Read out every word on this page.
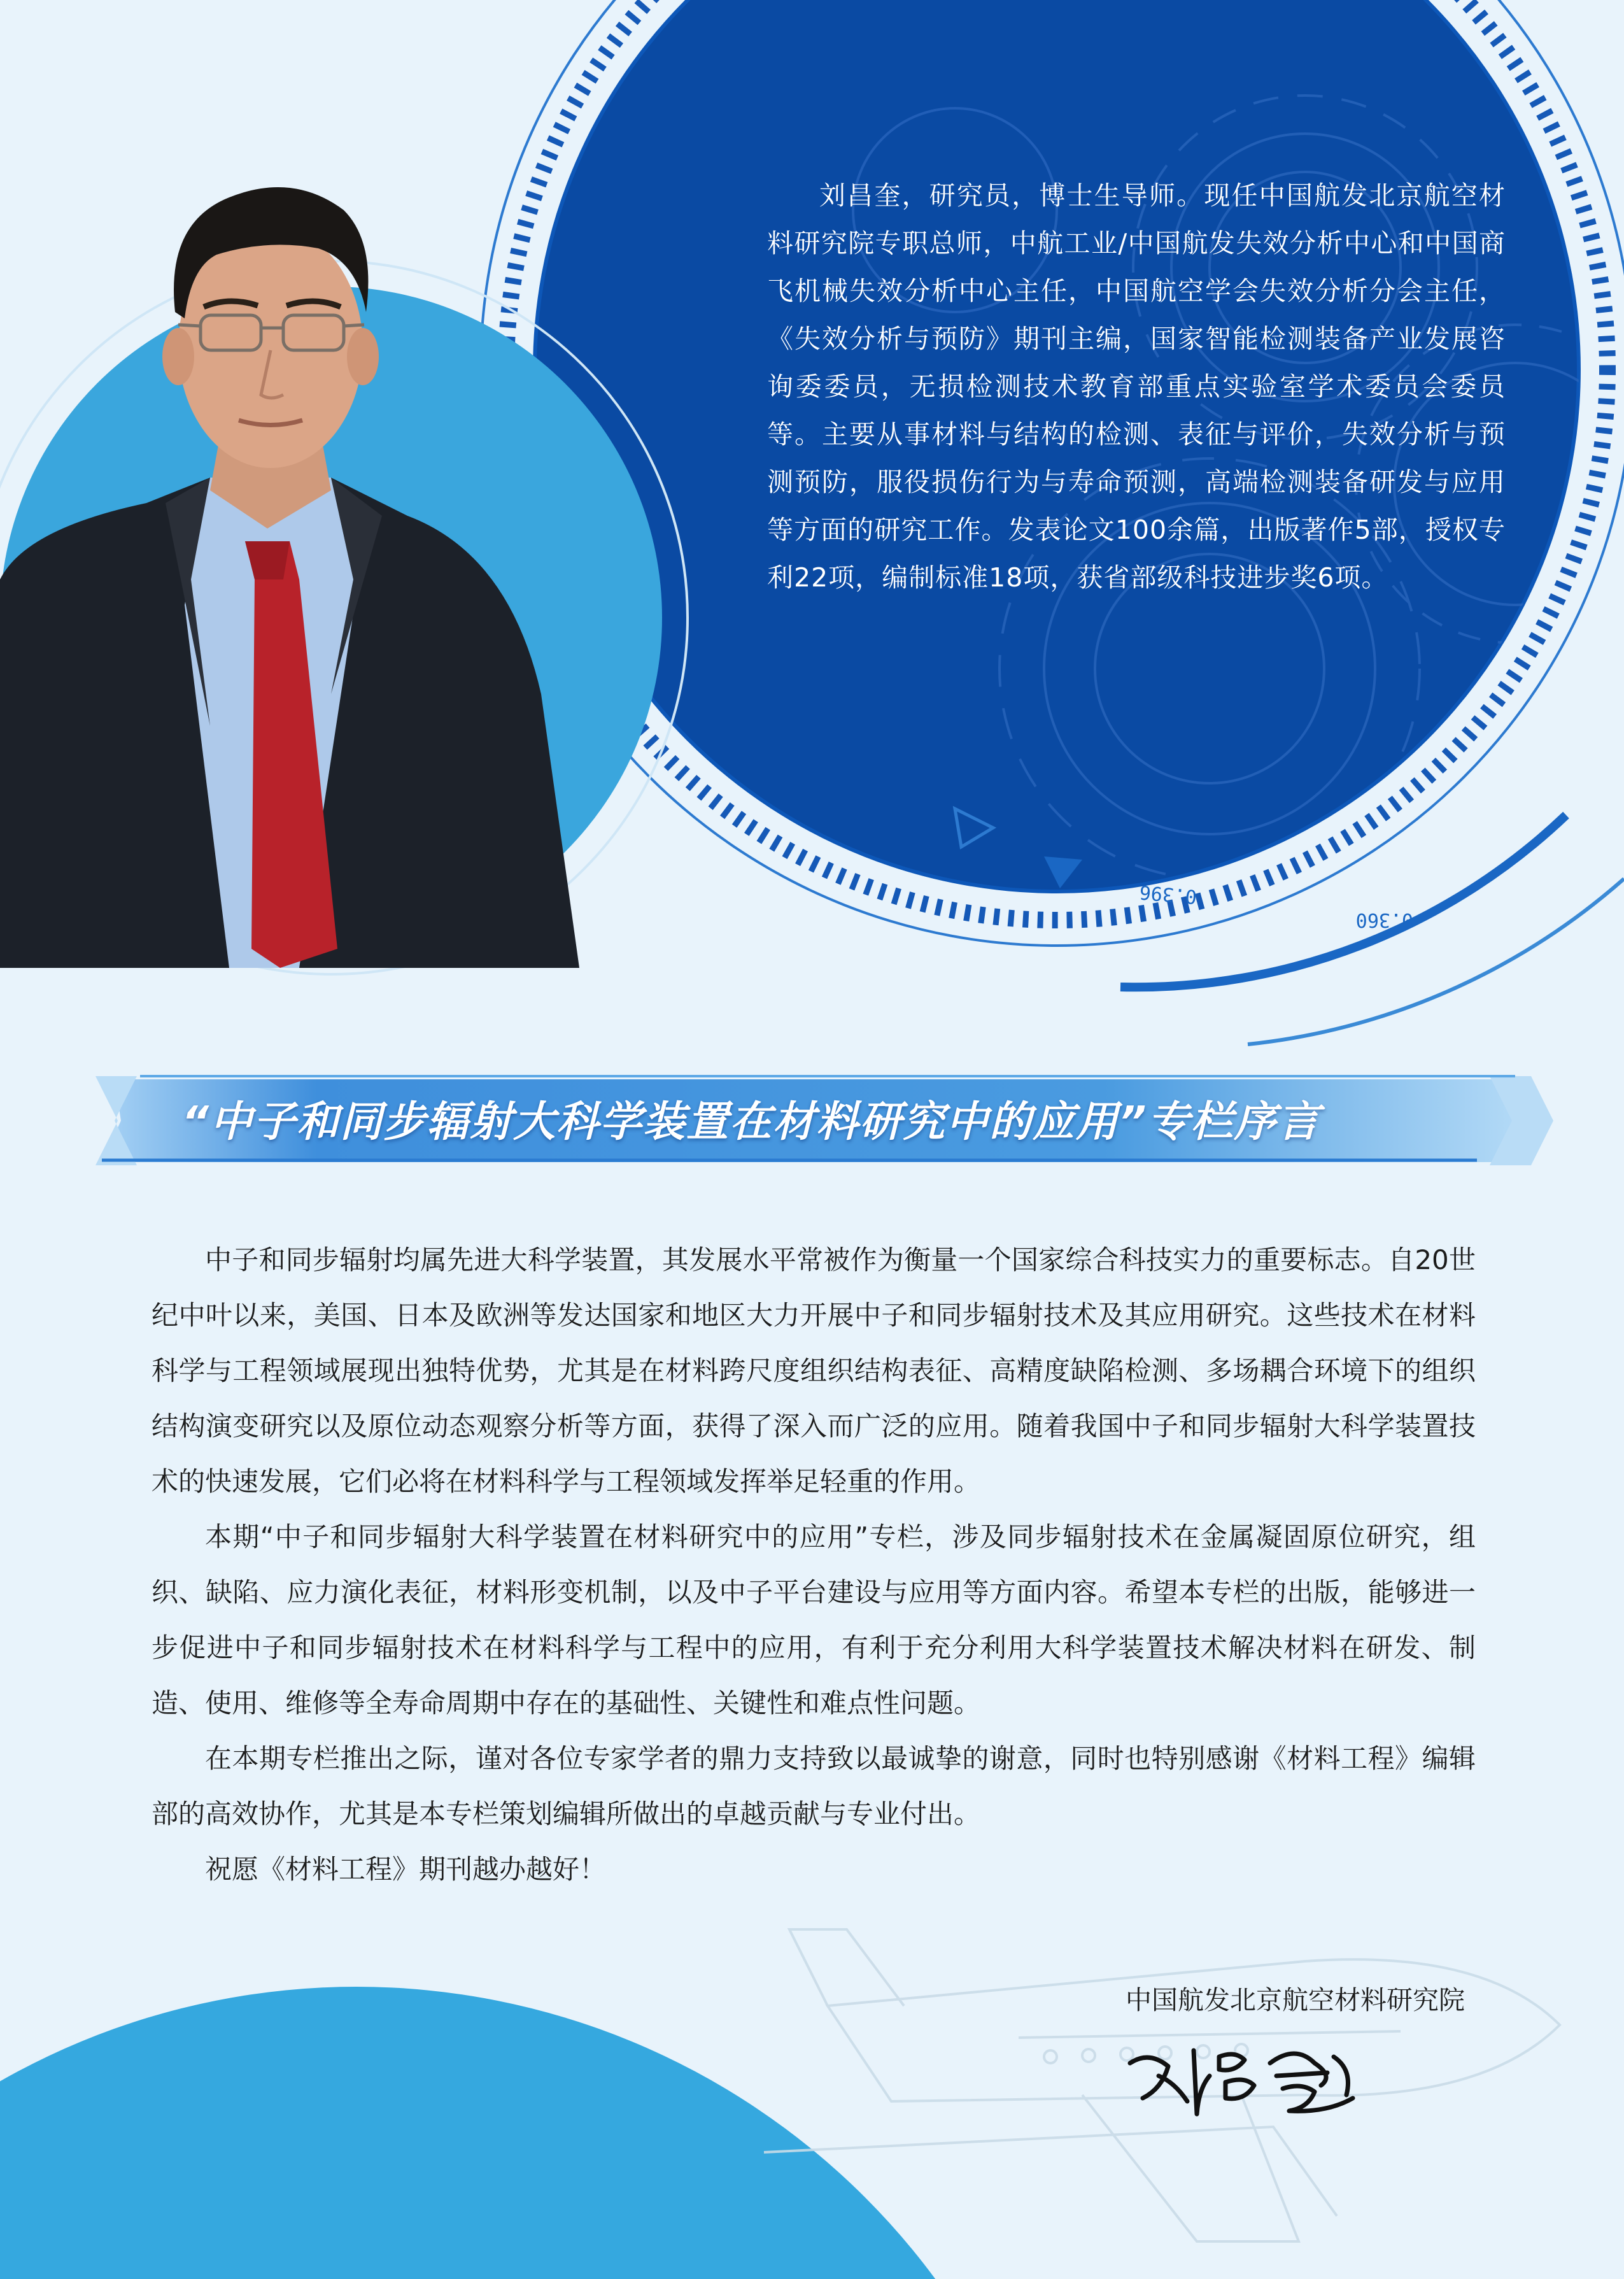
0.396
0.360
刘昌奎，研究员，博士生导师。现任中国航发北京航空材料研究院专职总师，中航工业/中国航发失效分析中心和中国商飞机械失效分析中心主任，中国航空学会失效分析分会主任，《失效分析与预防》期刊主编，国家智能检测装备产业发展咨询委委员，无损检测技术教育部重点实验室学术委员会委员等。主要从事材料与结构的检测、表征与评价，失效分析与预测预防，服役损伤行为与寿命预测，高端检测装备研发与应用等方面的研究工作。发表论文100余篇，出版著作5部，授权专利22项，编制标准18项，获省部级科技进步奖6项。
“中子和同步辐射大科学装置在材料研究中的应用”专栏序言

中子和同步辐射均属先进大科学装置，其发展水平常被作为衡量一个国家综合科技实力的重要标志。自20世纪中叶以来，美国、日本及欧洲等发达国家和地区大力开展中子和同步辐射技术及其应用研究。这些技术在材料科学与工程领域展现出独特优势，尤其是在材料跨尺度组织结构表征、高精度缺陷检测、多场耦合环境下的组织结构演变研究以及原位动态观察分析等方面，获得了深入而广泛的应用。随着我国中子和同步辐射大科学装置技术的快速发展，它们必将在材料科学与工程领域发挥举足轻重的作用。

本期“中子和同步辐射大科学装置在材料研究中的应用”专栏，涉及同步辐射技术在金属凝固原位研究，组织、缺陷、应力演化表征，材料形变机制，以及中子平台建设与应用等方面内容。希望本专栏的出版，能够进一步促进中子和同步辐射技术在材料科学与工程中的应用，有利于充分利用大科学装置技术解决材料在研发、制造、使用、维修等全寿命周期中存在的基础性、关键性和难点性问题。

在本期专栏推出之际，谨对各位专家学者的鼎力支持致以最诚挚的谢意，同时也特别感谢《材料工程》编辑部的高效协作，尤其是本专栏策划编辑所做出的卓越贡献与专业付出。

祝愿《材料工程》期刊越办越好！

中国航发北京航空材料研究院
